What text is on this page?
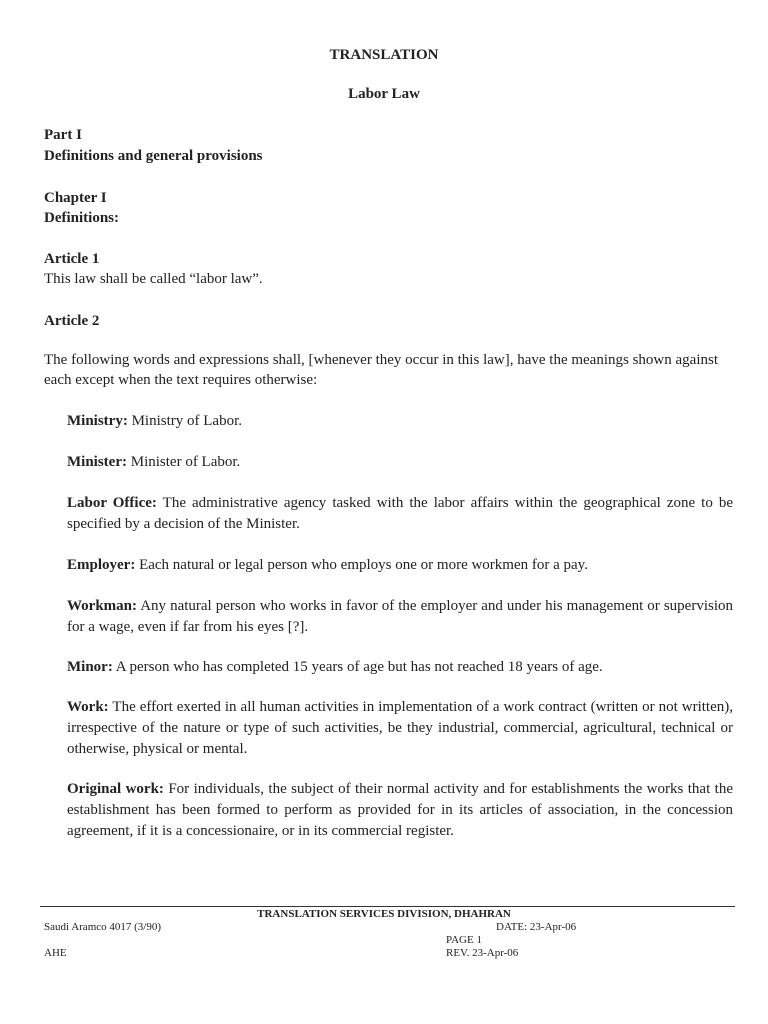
TRANSLATION
Labor Law
Part I
Definitions and general provisions
Chapter I
Definitions:
Article 1
This law shall be called “labor law”.
Article 2
The following words and expressions shall, [whenever they occur in this law], have the meanings shown against each except when the text requires otherwise:
Ministry: Ministry of Labor.
Minister: Minister of Labor.
Labor Office: The administrative agency tasked with the labor affairs within the geographical zone to be specified by a decision of the Minister.
Employer: Each natural or legal person who employs one or more workmen for a pay.
Workman: Any natural person who works in favor of the employer and under his management or supervision for a wage, even if far from his eyes [?].
Minor: A person who has completed 15 years of age but has not reached 18 years of age.
Work: The effort exerted in all human activities in implementation of a work contract (written or not written), irrespective of the nature or type of such activities, be they industrial, commercial, agricultural, technical or otherwise, physical or mental.
Original work: For individuals, the subject of their normal activity and for establishments the works that the establishment has been formed to perform as provided for in its articles of association, in the concession agreement, if it is a concessionaire, or in its commercial register.
TRANSLATION SERVICES DIVISION, DHAHRAN
Saudi Aramco 4017 (3/90)	DATE: 23-Apr-06
PAGE 1
AHE	REV. 23-Apr-06
